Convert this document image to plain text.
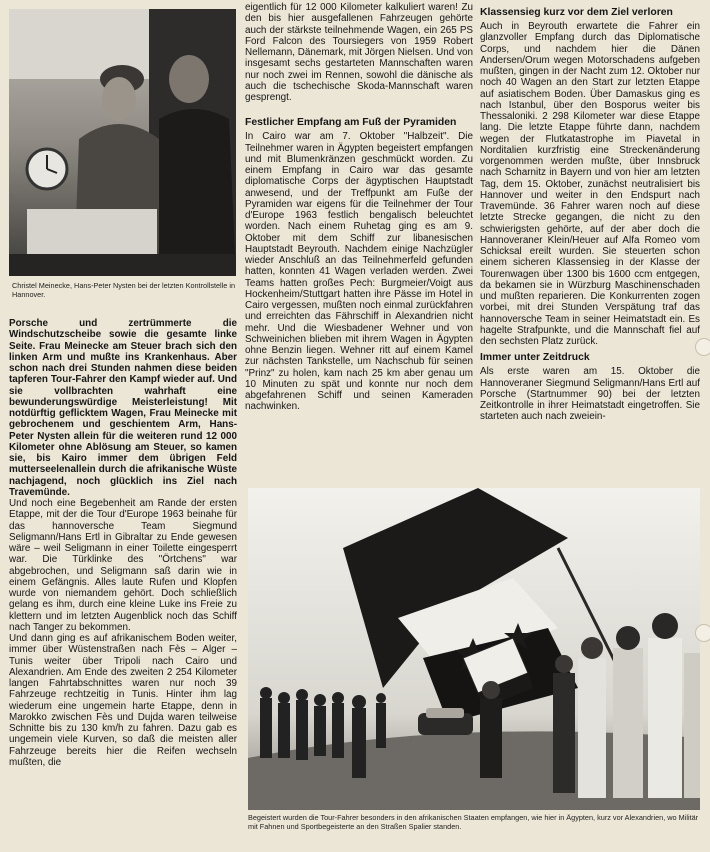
Christel Meinecke, Hans-Peter Nysten bei der letzten Kontrollstelle in Hannover.

Porsche und zertrümmerte die Windschutzscheibe sowie die gesamte linke Seite. Frau Meinecke am Steuer brach sich den linken Arm und mußte ins Krankenhaus. Aber schon nach drei Stunden nahmen diese beiden tapferen Tour-Fahrer den Kampf wieder auf. Und sie vollbrachten wahrhaft eine bewunderungswürdige Meisterleistung! Mit notdürftig geflicktem Wagen, Frau Meinecke mit gebrochenem und geschientem Arm, Hans-Peter Nysten allein für die weiteren rund 12 000 Kilometer ohne Ablösung am Steuer, so kamen sie, bis Kairo immer dem übrigen Feld mutterseelenallein durch die afrikanische Wüste nachjagend, noch glücklich ins Ziel nach Travemünde.

Und noch eine Begebenheit am Rande der ersten Etappe, mit der die Tour d'Europe 1963 beinahe für das hannoversche Team Siegmund Seligmann/Hans Ertl in Gibraltar zu Ende gewesen wäre – weil Seligmann in einer Toilette eingesperrt war. Die Türklinke des "Örtchens" war abgebrochen, und Seligmann saß darin wie in einem Gefängnis. Alles laute Rufen und Klopfen wurde von niemandem gehört. Doch schließlich gelang es ihm, durch eine kleine Luke ins Freie zu klettern und im letzten Augenblick noch das Schiff nach Tanger zu bekommen.

Und dann ging es auf afrikanischem Boden weiter, immer über Wüstenstraßen nach Fès – Alger – Tunis weiter über Tripoli nach Cairo und Alexandrien. Am Ende des zweiten 2 254 Kilometer langen Fahrtabschnittes waren nur noch 39 Fahrzeuge rechtzeitig in Tunis. Hinter ihm lag wiederum eine ungemein harte Etappe, denn in Marokko zwischen Fès und Dujda waren teilweise Schnitte bis zu 130 km/h zu fahren. Dazu gab es ungemein viele Kurven, so daß die meisten aller Fahrzeuge bereits hier die Reifen wechseln mußten, die

eigentlich für 12 000 Kilometer kalkuliert waren! Zu den bis hier ausgefallenen Fahrzeugen gehörte auch der stärkste teilnehmende Wagen, ein 265 PS Ford Falcon des Toursiegers von 1959 Robert Nellemann, Dänemark, mit Jörgen Nielsen. Und von insgesamt sechs gestarteten Mannschaften waren nur noch zwei im Rennen, sowohl die dänische als auch die tschechische Skoda-Mannschaft waren gesprengt.

Festlicher Empfang am Fuß der Pyramiden

In Cairo war am 7. Oktober "Halbzeit". Die Teilnehmer waren in Ägypten begeistert empfangen und mit Blumenkränzen geschmückt worden. Zu einem Empfang in Cairo war das gesamte diplomatische Corps der ägyptischen Hauptstadt anwesend, und der Treffpunkt am Fuße der Pyramiden war eigens für die Teilnehmer der Tour d'Europe 1963 festlich bengalisch beleuchtet worden. Nach einem Ruhetag ging es am 9. Oktober mit dem Schiff zur libanesischen Hauptstadt Beyrouth. Nachdem einige Nachzügler wieder Anschluß an das Teilnehmerfeld gefunden hatten, konnten 41 Wagen verladen werden. Zwei Teams hatten großes Pech: Burgmeier/Voigt aus Hockenheim/Stuttgart hatten ihre Pässe im Hotel in Cairo vergessen, mußten noch einmal zurückfahren und erreichten das Fährschiff in Alexandrien nicht mehr. Und die Wiesbadener Wehner und von Schweinichen blieben mit ihrem Wagen in Ägypten ohne Benzin liegen. Wehner ritt auf einem Kamel zur nächsten Tankstelle, um Nachschub für seinen "Prinz" zu holen, kam nach 25 km aber genau um 10 Minuten zu spät und konnte nur noch dem abgefahrenen Schiff und seinen Kameraden nachwinken.

Klassensieg kurz vor dem Ziel verloren

Auch in Beyrouth erwartete die Fahrer ein glanzvoller Empfang durch das Diplomatische Corps, und nachdem hier die Dänen Andersen/Orum wegen Motorschadens aufgeben mußten, gingen in der Nacht zum 12. Oktober nur noch 40 Wagen an den Start zur letzten Etappe auf asiatischem Boden. Über Damaskus ging es nach Istanbul, über den Bosporus weiter bis Thessaloniki. 2 298 Kilometer war diese Etappe lang. Die letzte Etappe führte dann, nachdem wegen der Flutkatastrophe im Piavetal in Norditalien kurzfristig eine Streckenänderung vorgenommen werden mußte, über Innsbruck nach Scharnitz in Bayern und von hier am letzten Tag, dem 15. Oktober, zunächst neutralisiert bis Hannover und weiter in den Endspurt nach Travemünde. 36 Fahrer waren noch auf diese letzte Strecke gegangen, die nicht zu den schwierigsten gehörte, auf der aber doch die Hannoveraner Klein/Heuer auf Alfa Romeo vom Schicksal ereilt wurden. Sie steuerten schon einem sicheren Klassensieg in der Klasse der Tourenwagen über 1300 bis 1600 ccm entgegen, da bekamen sie in Würzburg Maschinenschaden und mußten reparieren. Die Konkurrenten zogen vorbei, mit drei Stunden Verspätung traf das hannoversche Team in seiner Heimatstadt ein. Es hagelte Strafpunkte, und die Mannschaft fiel auf den sechsten Platz zurück.

Immer unter Zeitdruck

Als erste waren am 15. Oktober die Hannoveraner Siegmund Seligmann/Hans Ertl auf Porsche (Startnummer 90) bei der letzten Zeitkontrolle in ihrer Heimatstadt eingetroffen. Sie starteten auch nach zweiein-

Begeistert wurden die Tour-Fahrer besonders in den afrikanischen Staaten empfangen, wie hier in Ägypten, kurz vor Alexandrien, wo Militär mit Fahnen und Sportbegeisterte an den Straßen Spalier standen.
